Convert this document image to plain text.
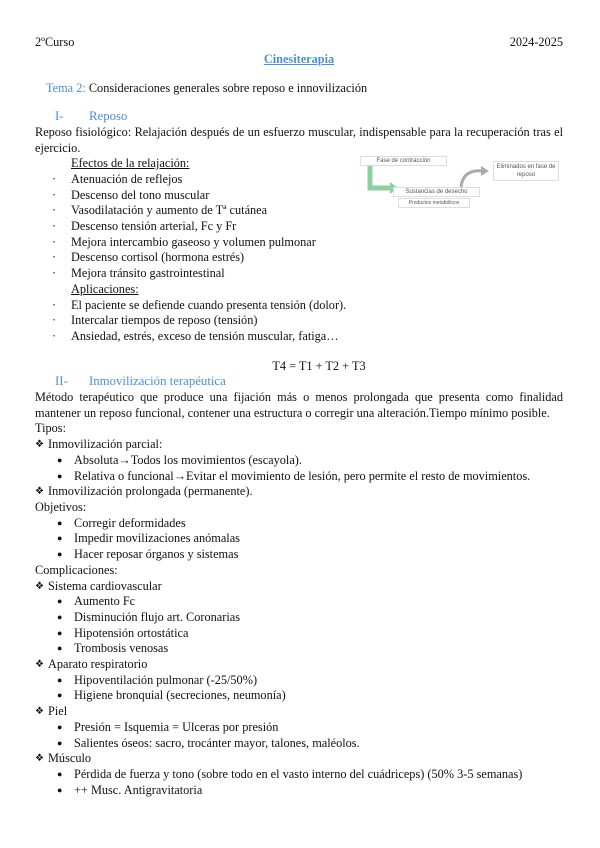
2ºCurso	2024-2025
Cinesiterapia
Tema 2: Consideraciones generales sobre reposo e innovilización
I- Reposo
Reposo fisiológico: Relajación después de un esfuerzo muscular, indispensable para la recuperación tras el ejercicio.
Efectos de la relajación:
·	Atenuación de reflejos
·	Descenso del tono muscular
·	Vasodilatación y aumento de Tª cutánea
·	Descenso tensión arterial, Fc y Fr
·	Mejora intercambio gaseoso y volumen pulmonar
·	Descenso cortisol (hormona estrés)
·	Mejora tránsito gastrointestinal
Aplicaciones:
·	El paciente se defiende cuando presenta tensión (dolor).
·	Intercalar tiempos de reposo (tensión)
·	Ansiedad, estrés, exceso de tensión muscular, fatiga…
T4 = T1 + T2 + T3
II- Inmovilización terapéutica
Método terapéutico que produce una fijación más o menos prolongada que presenta como finalidad mantener un reposo funcional, contener una estructura o corregir una alteración.Tiempo mínimo posible.
Tipos:
❖ Inmovilización parcial:
● Absoluta→Todos los movimientos (escayola).
● Relativa o funcional→Evitar el movimiento de lesión, pero permite el resto de movimientos.
❖ Inmovilización prolongada (permanente).
Objetivos:
● Corregir deformidades
● Impedir movilizaciones anómalas
● Hacer reposar órganos y sistemas
Complicaciones:
❖ Sistema cardiovascular
● Aumento Fc
● Disminución flujo art. Coronarias
● Hipotensión ortostática
● Trombosis venosas
❖ Aparato respiratorio
● Hipoventilación pulmonar (-25/50%)
● Higiene bronquial (secreciones, neumonía)
❖ Piel
● Presión = Isquemia = Ulceras por presión
● Salientes óseos: sacro, trocánter mayor, talones, maléolos.
❖ Músculo
● Pérdida de fuerza y tono (sobre todo en el vasto interno del cuádriceps) (50% 3-5 semanas)
● ++ Musc. Antigravitatoria
Fase de contracción
Sustancias de desecho
Productos metabólicos
Eliminados en fase de reposo
